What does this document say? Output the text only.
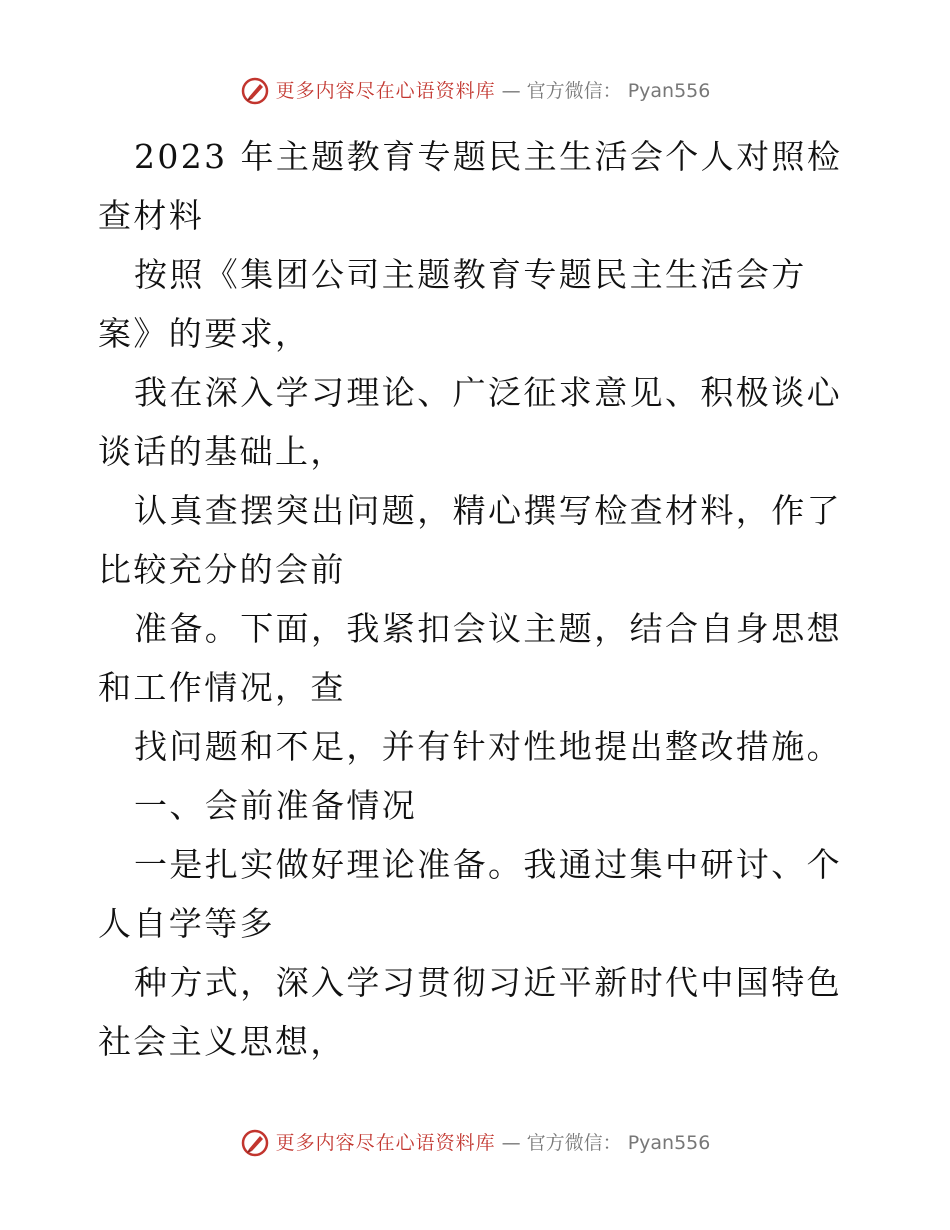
更多内容尽在心语资料库 — 官方微信： Pyan556

2023 年主题教育专题民主生活会个人对照检查材料

按照《集团公司主题教育专题民主生活会方案》的要求，

我在深入学习理论、广泛征求意见、积极谈心谈话的基础上，

认真查摆突出问题，精心撰写检查材料，作了比较充分的会前

准备。下面，我紧扣会议主题，结合自身思想和工作情况，查

找问题和不足，并有针对性地提出整改措施。

一、会前准备情况

一是扎实做好理论准备。我通过集中研讨、个人自学等多

种方式，深入学习贯彻习近平新时代中国特色社会主义思想，

更多内容尽在心语资料库 — 官方微信： Pyan556
